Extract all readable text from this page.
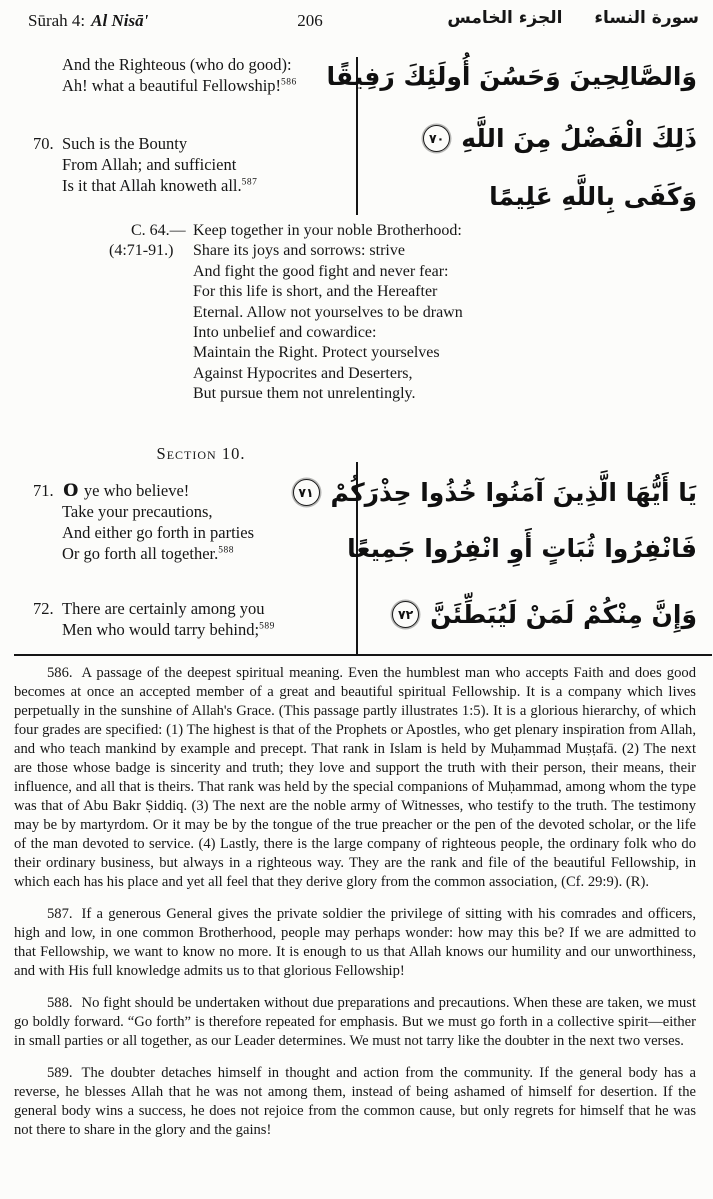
Sūrah 4: Al Nisā'	206	سورة النساء الجزء الخامس
And the Righteous (who do good):
Ah! what a beautiful Fellowship!$^{586}$
70. Such is the Bounty
From Allah; and sufficient
Is it that Allah knoweth all.$^{587}$
C. 64.—
(4:71-91.)
Keep together in your noble Brotherhood:
Share its joys and sorrows: strive
And fight the good fight and never fear:
For this life is short, and the Hereafter
Eternal. Allow not yourselves to be drawn
Into unbelief and cowardice:
Maintain the Right. Protect yourselves
Against Hypocrites and Deserters,
But pursue them not unrelentingly.
Section 10.
71. O ye who believe!
Take your precautions,
And either go forth in parties
Or go forth all together.$^{588}$
72. There are certainly among you
Men who would tarry behind;$^{589}$
وَالصَّالِحِينَ وَحَسُنَ أُولَئِكَ رَفِيقًا
٧٠ ذَلِكَ الْفَضْلُ مِنَ اللَّهِ
وَكَفَى بِاللَّهِ عَلِيمًا
٧١ يَا أَيُّهَا الَّذِينَ آمَنُوا خُذُوا حِذْرَكُمْ
فَانْفِرُوا ثُبَاتٍ أَوِ انْفِرُوا جَمِيعًا
٧٢ وَإِنَّ مِنْكُمْ لَمَنْ لَيُبَطِّئَنَّ

586. A passage of the deepest spiritual meaning. Even the humblest man who accepts Faith and does good becomes at once an accepted member of a great and beautiful spiritual Fellowship. It is a company which lives perpetually in the sunshine of Allah's Grace. (This passage partly illustrates 1:5). It is a glorious hierarchy, of which four grades are specified: (1) The highest is that of the Prophets or Apostles, who get plenary inspiration from Allah, and who teach mankind by example and precept. That rank in Islam is held by Muḥammad Muṣṭafā. (2) The next are those whose badge is sincerity and truth; they love and support the truth with their person, their means, their influence, and all that is theirs. That rank was held by the special companions of Muḥammad, among whom the type was that of Abu Bakr Ṣiddiq. (3) The next are the noble army of Witnesses, who testify to the truth. The testimony may be by martyrdom. Or it may be by the tongue of the true preacher or the pen of the devoted scholar, or the life of the man devoted to service. (4) Lastly, there is the large company of righteous people, the ordinary folk who do their ordinary business, but always in a righteous way. They are the rank and file of the beautiful Fellowship, in which each has his place and yet all feel that they derive glory from the common association, (Cf. 29:9). (R).

587. If a generous General gives the private soldier the privilege of sitting with his comrades and officers, high and low, in one common Brotherhood, people may perhaps wonder: how may this be? If we are admitted to that Fellowship, we want to know no more. It is enough to us that Allah knows our humility and our unworthiness, and with His full knowledge admits us to that glorious Fellowship!

588. No fight should be undertaken without due preparations and precautions. When these are taken, we must go boldly forward. “Go forth” is therefore repeated for emphasis. But we must go forth in a collective spirit—either in small parties or all together, as our Leader determines. We must not tarry like the doubter in the next two verses.

589. The doubter detaches himself in thought and action from the community. If the general body has a reverse, he blesses Allah that he was not among them, instead of being ashamed of himself for desertion. If the general body wins a success, he does not rejoice from the common cause, but only regrets for himself that he was not there to share in the glory and the gains!
